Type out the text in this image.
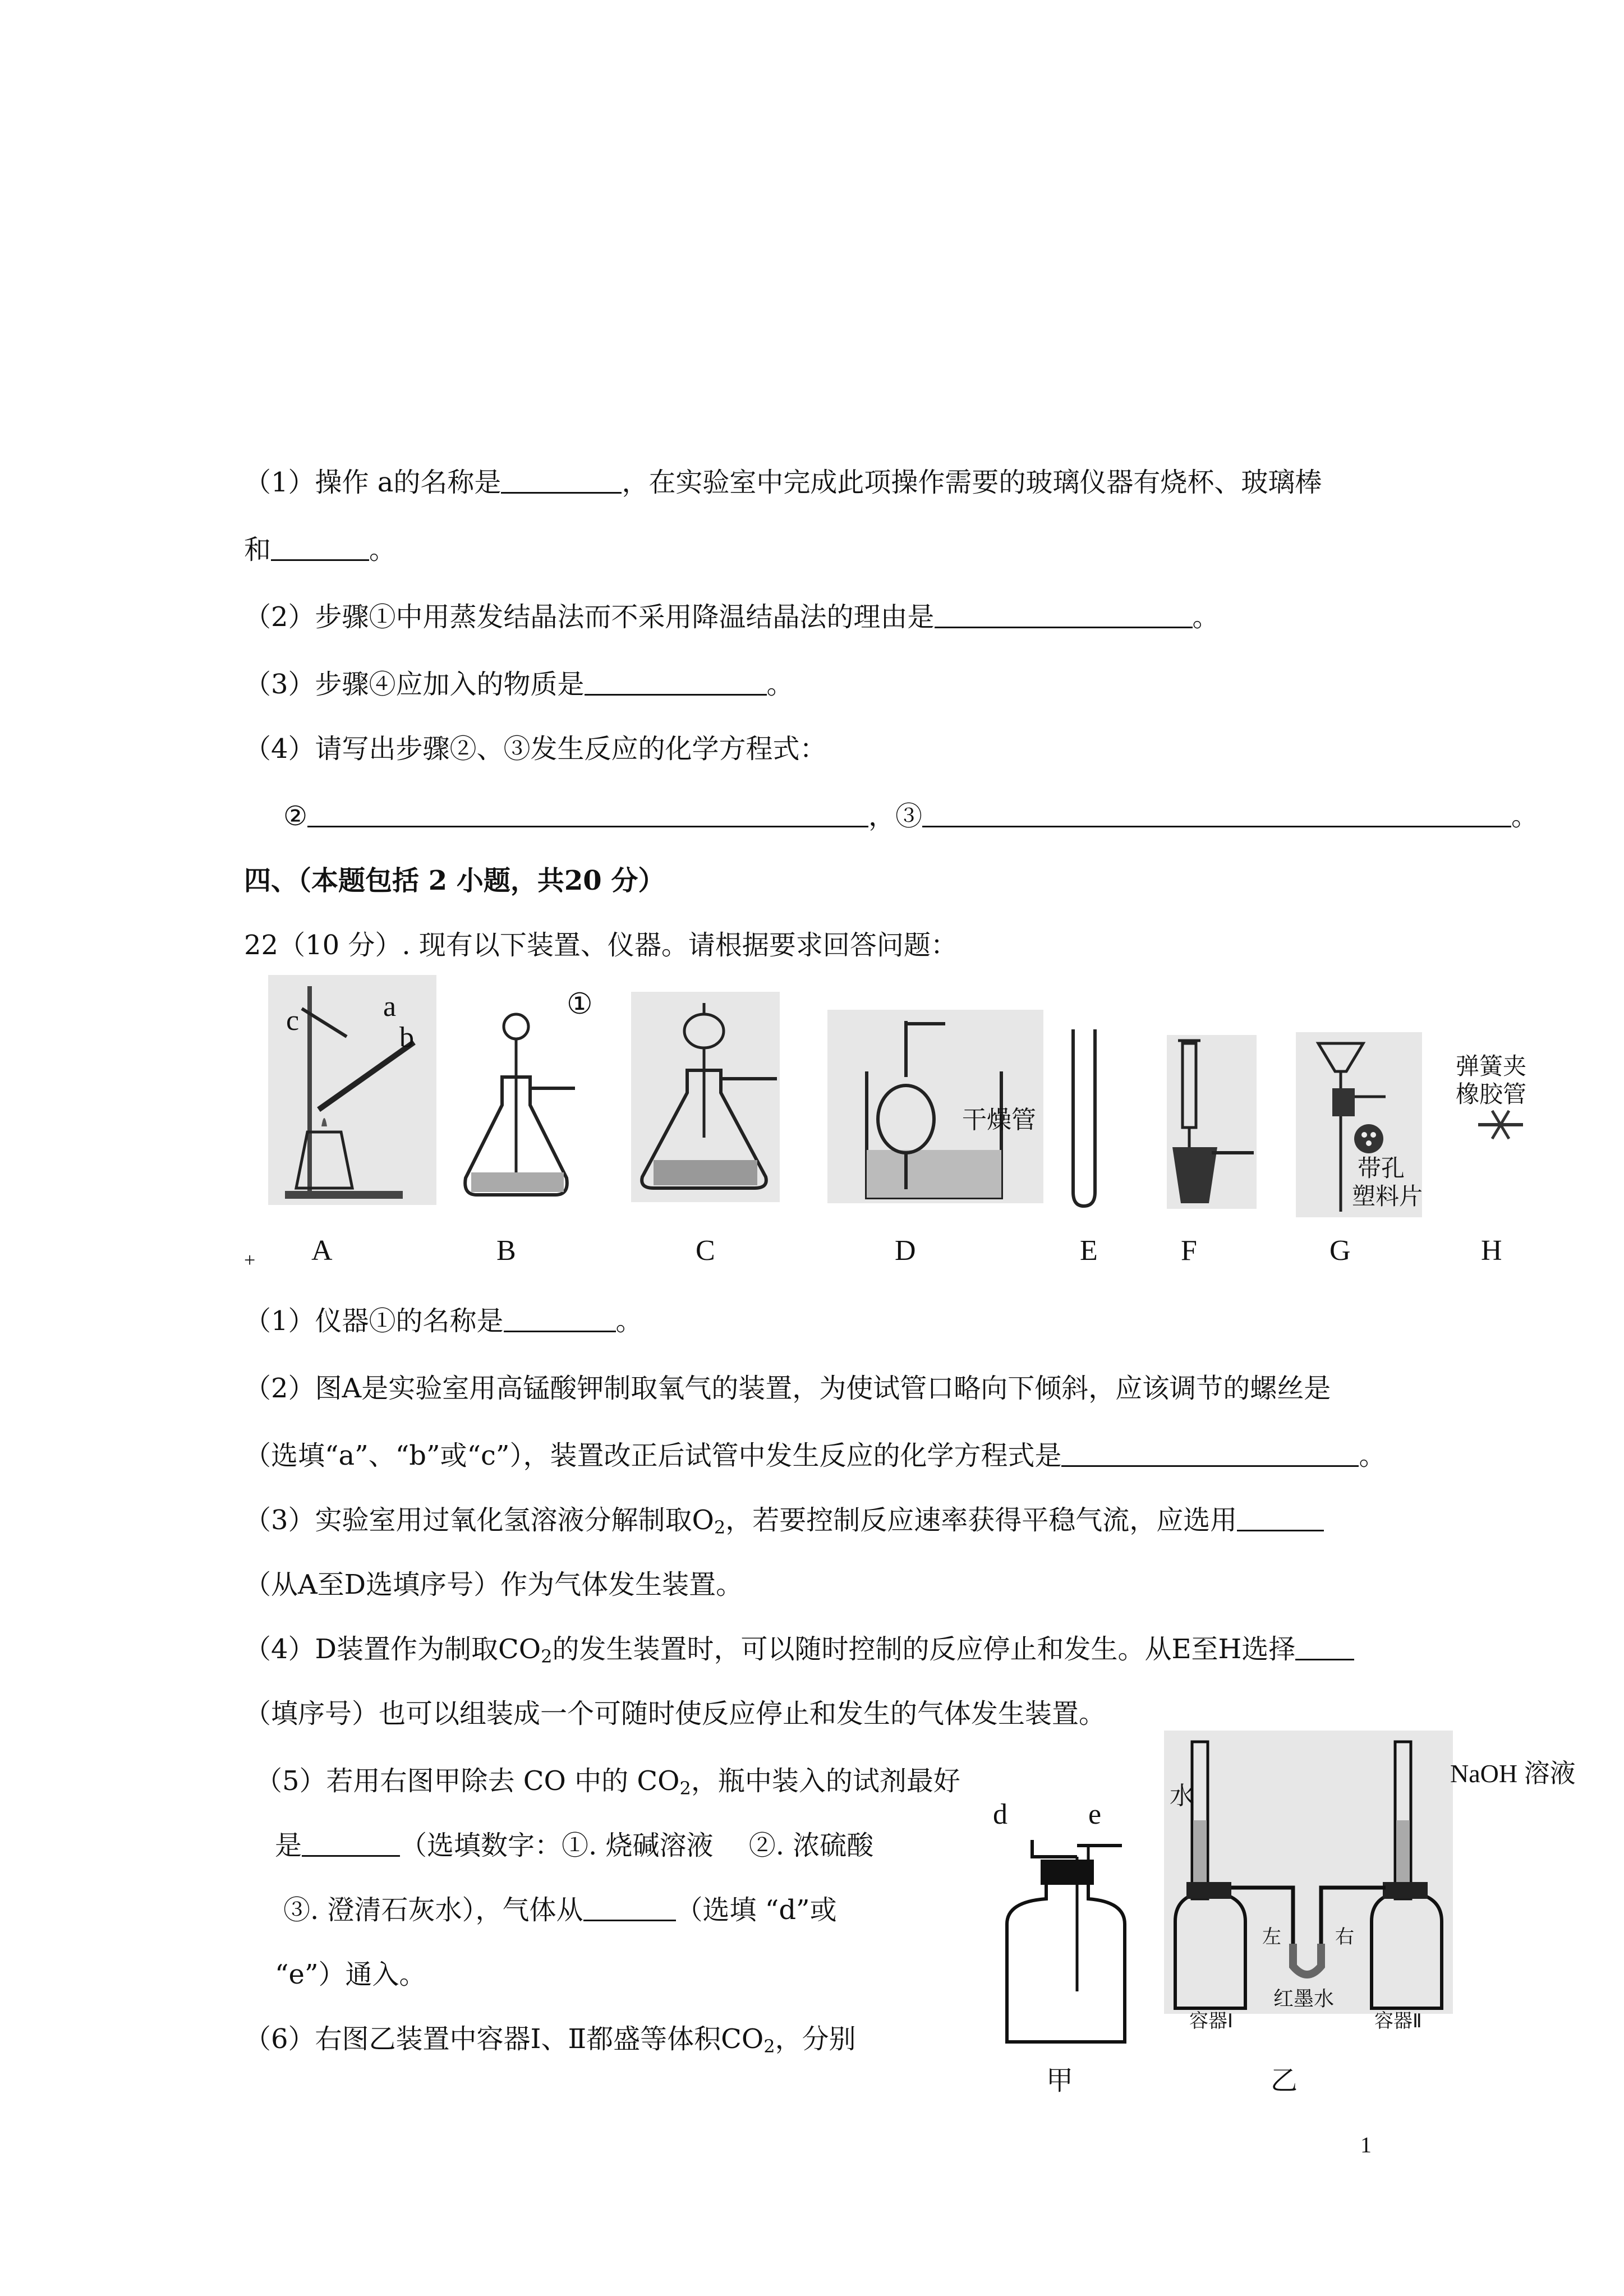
（1）操作 a的名称是	，在实验室中完成此项操作需要的玻璃仪器有烧杯、玻璃棒
和	。
（2）步骤①中用蒸发结晶法而不采用降温结晶法的理由是	。
（3）步骤④应加入的物质是	。
（4）请写出步骤②、③发生反应的化学方程式：
②	，③	。
四、（本题包括 2 小题，共20 分）
22（10 分）. 现有以下装置、仪器。请根据要求回答问题：
c	a
b
①
干燥管
带孔
塑料片
弹簧夹
橡胶管
+ A	B	C	D	E	F	G	H
（1）仪器①的名称是	。
（2）图A是实验室用高锰酸钾制取氧气的装置，为使试管口略向下倾斜，应该调节的螺丝是
（选填“a”、“b”或“c”），装置改正后试管中发生反应的化学方程式是	。
（3）实验室用过氧化氢溶液分解制取$O_2$，若要控制反应速率获得平稳气流，应选用
（从A至D选填序号）作为气体发生装置。
（4）D装置作为制取$CO_2$的发生装置时，可以随时控制的反应停止和发生。从E至H选择
（填序号）也可以组装成一个可随时使反应停止和发生的气体发生装置。
（5）若用右图甲除去 CO 中的 $CO_2$，瓶中装入的试剂最好
是	（选填数字：①. 烧碱溶液　 ②. 浓硫酸
③. 澄清石灰水），气体从	（选填 “d”或
“e”）通入。
（6）右图乙装置中容器Ⅰ、Ⅱ都盛等体积$CO_2$，分别
d	e
甲
水
NaOH 溶液
左	右
红墨水
容器Ⅰ	容器Ⅱ
乙
1
